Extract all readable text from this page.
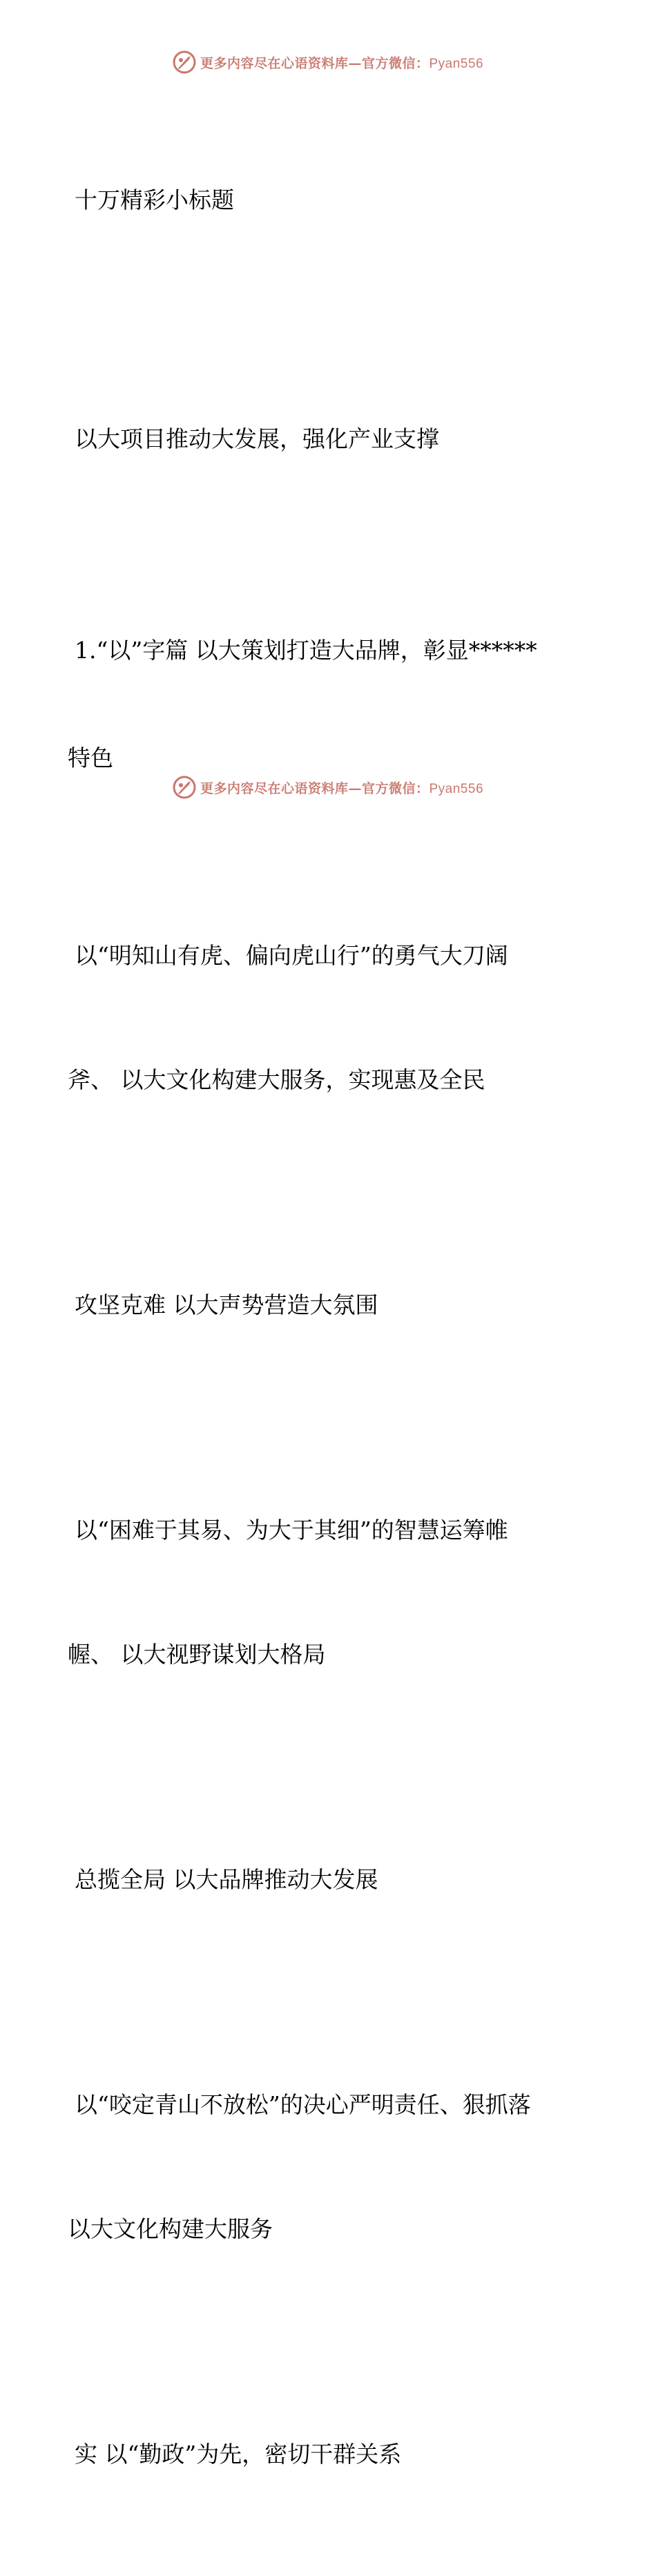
更多内容尽在心语资料库—官方微信：Pyan556

十万精彩小标题

以大项目推动大发展，强化产业支撑

1.“以”字篇 以大策划打造大品牌，彰显******

特色

以“明知山有虎、偏向虎山行”的勇气大刀阔

斧、 以大文化构建大服务，实现惠及全民

攻坚克难 以大声势营造大氛围

以“困难于其易、为大于其细”的智慧运筹帷

幄、 以大视野谋划大格局

总揽全局 以大品牌推动大发展

以“咬定青山不放松”的决心严明责任、狠抓落

以大文化构建大服务

实 以“勤政”为先，密切干群关系

更多内容尽在心语资料库—官方微信：Pyan556
